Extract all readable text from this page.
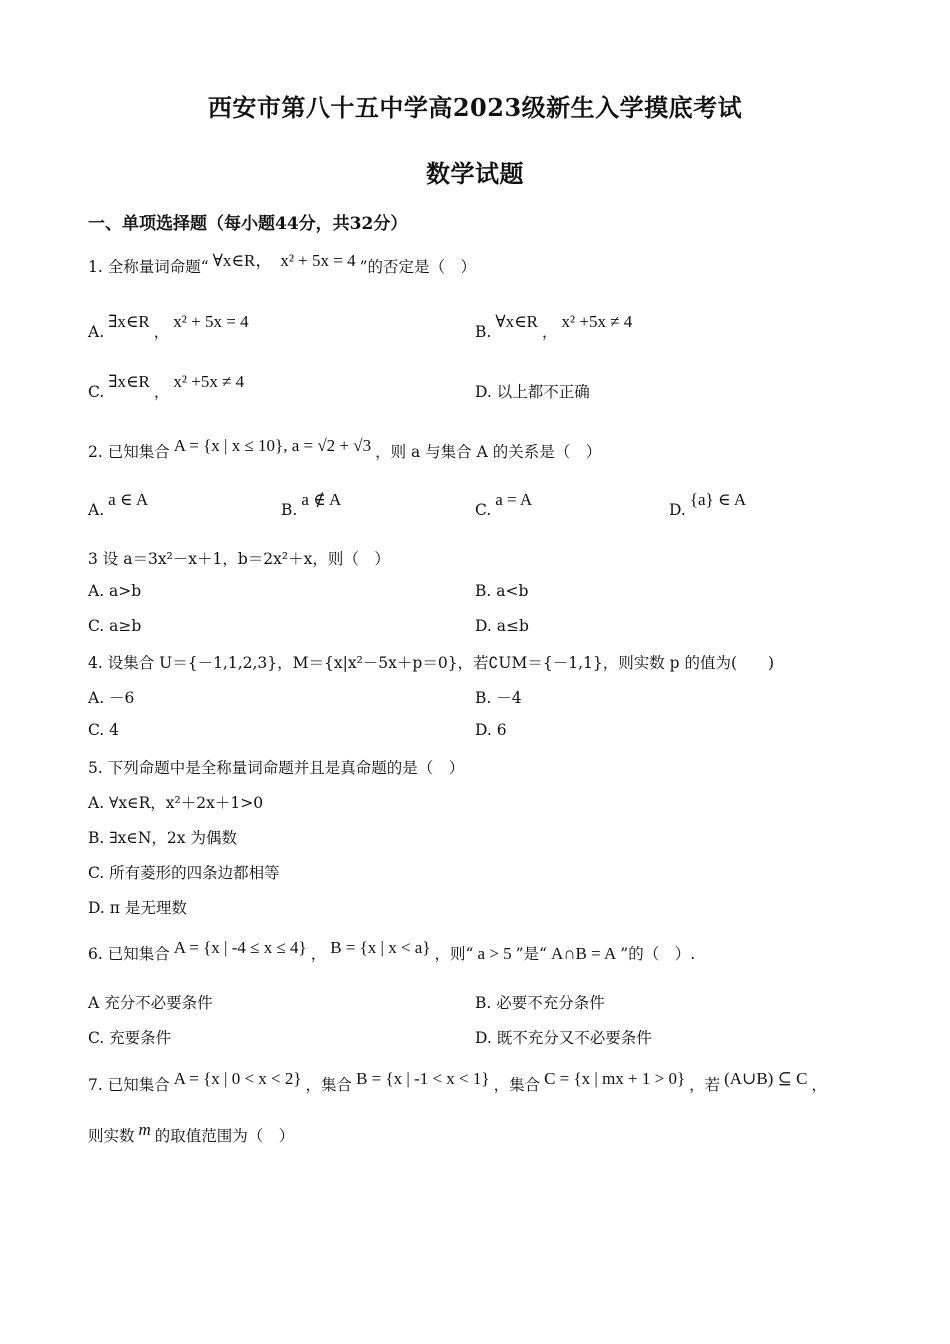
西安市第八十五中学高2023级新生入学摸底考试
数学试题
一、单项选择题（每小题44分，共32分）
1. 全称量词命题“ ∀x∈R， x² + 5x = 4 ”的否定是（　）
A.∃x∈R，x² + 5x = 4
B.∀x∈R，x² +5x ≠ 4
C.∃x∈R，x² +5x ≠ 4
D. 以上都不正确
2. 已知集合 A = {x | x ≤ 10}, a = √2 + √3 ，则 a 与集合 A 的关系是（　）
A.a ∈ A
B.a ∉ A
C.a = A
D.{a} ∈ A
3 设 a＝3x²－x＋1，b＝2x²＋x，则（　）
A. a>b	B. a<b
C. a≥b	D. a≤b
4. 设集合 U＝{－1,1,2,3}，M＝{x|x²－5x＋p＝0}，若∁UM＝{－1,1}，则实数 p 的值为(　　)
A. －6	B. －4
C. 4	D. 6
5. 下列命题中是全称量词命题并且是真命题的是（　）
A. ∀x∈R，x²＋2x＋1>0
B. ∃x∈N，2x 为偶数
C. 所有菱形的四条边都相等
D. π 是无理数
6. 已知集合 A = {x | -4 ≤ x ≤ 4} ， B = {x | x < a} ，则“ a > 5 ”是“ A∩B = A ”的（　）.
A 充分不必要条件	B. 必要不充分条件
C. 充要条件	D. 既不充分又不必要条件
7. 已知集合 A = {x | 0 < x < 2} ，集合 B = {x | -1 < x < 1} ，集合 C = {x | mx + 1 > 0} ，若 (A∪B) ⊆ C ，
则实数 m 的取值范围为（　）
